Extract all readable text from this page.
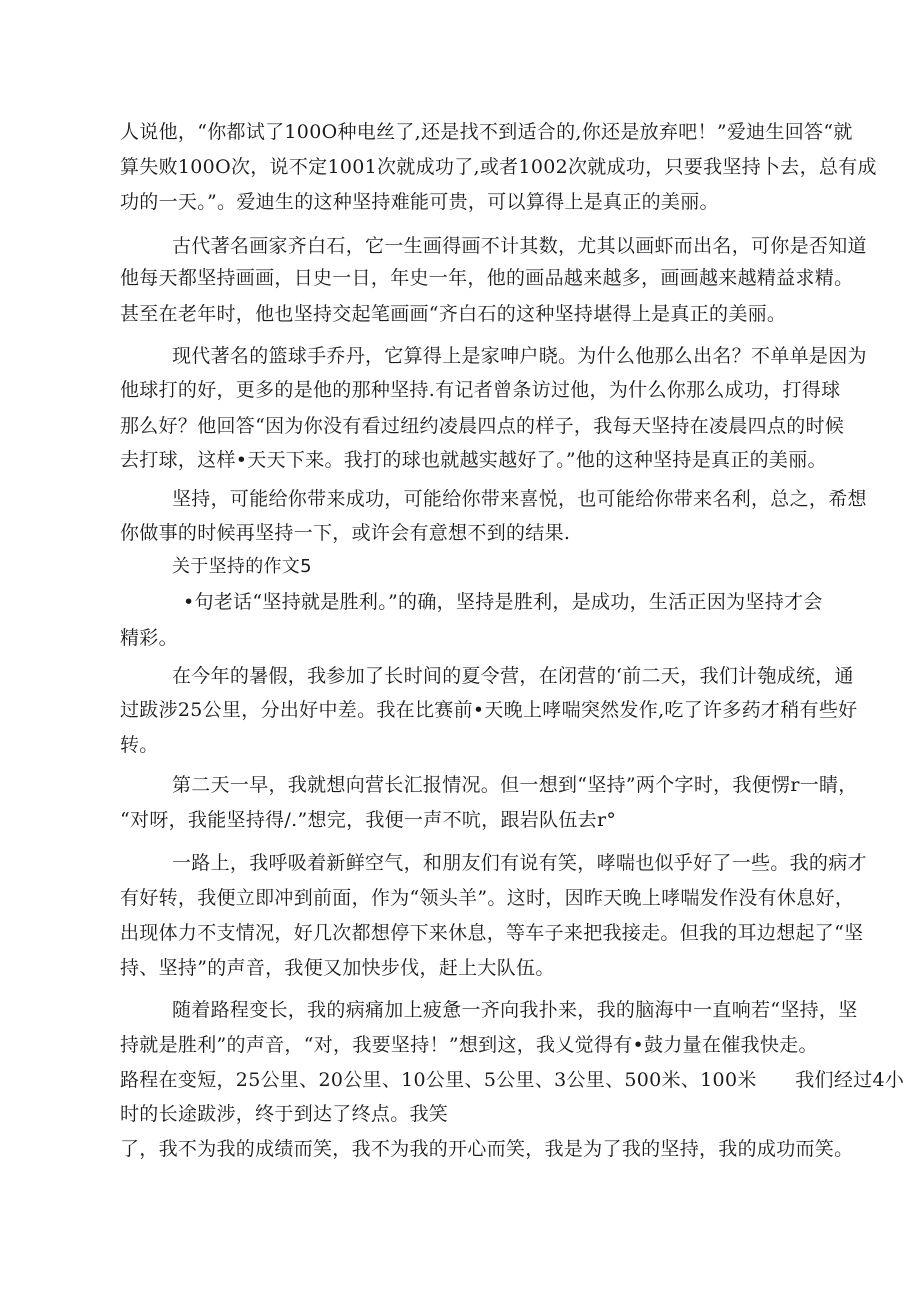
人说他，“你都试了100O种电丝了,还是找不到适合的,你还是放弃吧！”爱迪生回答“就
算失败100O次，说不定1001次就成功了,或者1002次就成功，只要我坚持卜去，总有成
功的一天。”。爱迪生的这种坚持难能可贵，可以算得上是真正的美丽。
古代著名画家齐白石，它一生画得画不计其数，尤其以画虾而出名，可你是否知道
他每天都坚持画画，日史一日，年史一年，他的画品越来越多，画画越来越精益求精。
甚至在老年时，他也坚持交起笔画画“齐白石的这种坚持堪得上是真正的美丽。
现代著名的篮球手乔丹，它算得上是家呻户晓。为什么他那么出名？不单单是因为
他球打的好，更多的是他的那种坚持.有记者曾条访过他，为什么你那么成功，打得球
那么好？他回答“因为你没有看过纽约凌晨四点的样子，我每天坚持在凌晨四点的时候
去打球，这样•天天下来。我打的球也就越实越好了。”他的这种坚持是真正的美丽。
坚持，可能给你带来成功，可能给你带来喜悦，也可能给你带来名利，总之，希想
你做事的时候再坚持一下，或许会有意想不到的结果.
关于坚持的作文5
•句老话“坚持就是胜利。”的确，坚持是胜利，是成功，生活正因为坚持才会
精彩。
在今年的暑假，我参加了长时间的夏令营，在闭营的‘前二天，我们计匏成统，通
过跋涉25公里，分出好中差。我在比赛前•天晚上哮喘突然发作,吃了许多药才稍有些好
转。
第二天一早，我就想向营长汇报情况。但一想到“坚持”两个字时，我便愣r一睛，
“对呀，我能坚持得/.”想完，我便一声不吭，跟岩队伍去r°
一路上，我呼吸着新鲜空气，和朋友们有说有笑，哮喘也似乎好了一些。我的病才
有好转，我便立即冲到前面，作为“领头羊”。这时，因昨天晚上哮喘发作没有休息好，
出现体力不支情况，好几次都想停下来休息，等车子来把我接走。但我的耳边想起了“坚
持、坚持”的声音，我便又加快步伐，赶上大队伍。
随着路程变长，我的病痛加上疲惫一齐向我扑来，我的脑海中一直响若“坚持，坚
持就是胜利”的声音，“对，我要坚持！”想到这，我乂觉得有•鼓力量在催我快走。
路程在变短，25公里、20公里、10公里、5公里、3公里、500米、100米　　我们经过4小
时的长途跋涉，终于到达了终点。我笑
了，我不为我的成绩而笑，我不为我的开心而笑，我是为了我的坚持，我的成功而笑。
